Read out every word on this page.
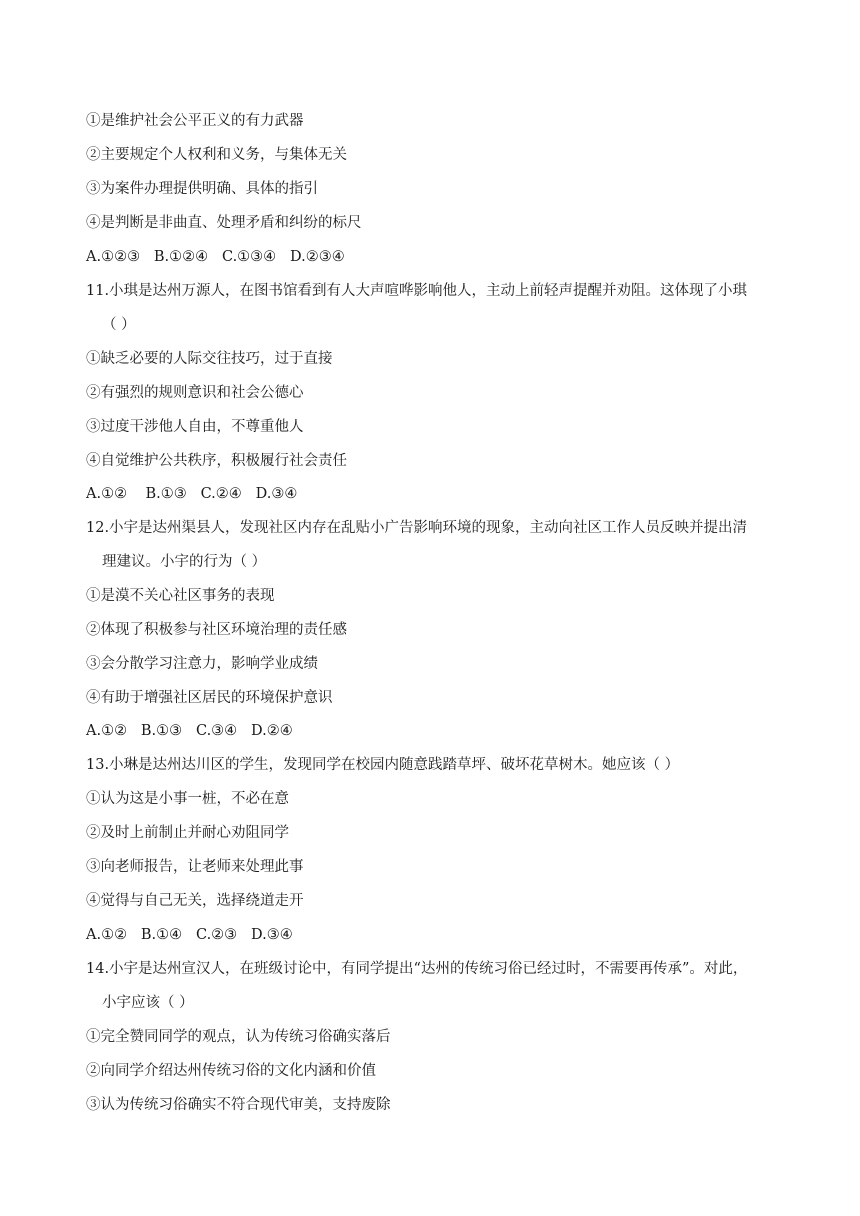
①是维护社会公平正义的有力武器
②主要规定个人权利和义务，与集体无关
③为案件办理提供明确、具体的指引
④是判断是非曲直、处理矛盾和纠纷的标尺
A.①②③   B.①②④   C.①③④   D.②③④
11.小琪是达州万源人，在图书馆看到有人大声喧哗影响他人，主动上前轻声提醒并劝阻。这体现了小琪
（ ）
①缺乏必要的人际交往技巧，过于直接
②有强烈的规则意识和社会公德心
③过度干涉他人自由，不尊重他人
④自觉维护公共秩序，积极履行社会责任
A.①②    B.①③   C.②④   D.③④
12.小宇是达州渠县人，发现社区内存在乱贴小广告影响环境的现象，主动向社区工作人员反映并提出清
理建议。小宇的行为（ ）
①是漠不关心社区事务的表现
②体现了积极参与社区环境治理的责任感
③会分散学习注意力，影响学业成绩
④有助于增强社区居民的环境保护意识
A.①②   B.①③   C.③④   D.②④
13.小琳是达州达川区的学生，发现同学在校园内随意践踏草坪、破坏花草树木。她应该（ ）
①认为这是小事一桩，不必在意
②及时上前制止并耐心劝阻同学
③向老师报告，让老师来处理此事
④觉得与自己无关，选择绕道走开
A.①②   B.①④   C.②③   D.③④
14.小宇是达州宣汉人，在班级讨论中，有同学提出“达州的传统习俗已经过时，不需要再传承”。对此，
小宇应该（ ）
①完全赞同同学的观点，认为传统习俗确实落后
②向同学介绍达州传统习俗的文化内涵和价值
③认为传统习俗确实不符合现代审美，支持废除
